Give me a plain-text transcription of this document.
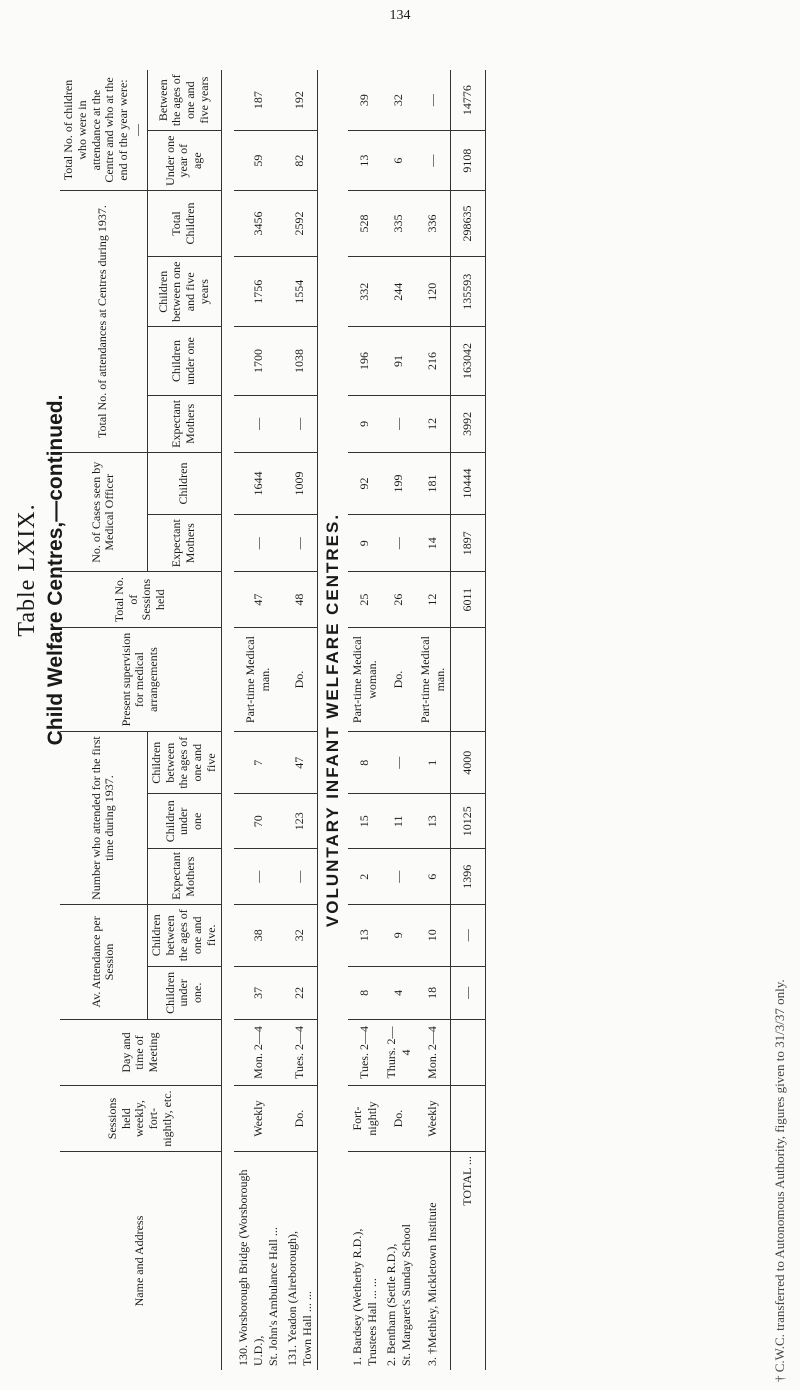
134
Table LXIX. Child Welfare Centres,—continued.
Name and Address	Sessions held weekly, fort-nightly, etc.	Day and time of Meeting	Av. Attendance per Session		Number who attended for the first time during 1937.			Present supervision for medical arrangements	Total No. of Sessions held	No. of Cases seen by Medical Officer		Total No. of attendances at Centres during 1937.				Total No. of children who were in attendance at the Centre and who at the end of the year were:—	
			Children under one.	Children between the ages of one and five.	Expectant Mothers	Children under one	Children between the ages of one and five			Expectant Mothers	Children	Expectant Mothers	Children under one	Children between one and five years	Total Children	Under one year of age	Between the ages of one and five years

130. Worsborough Bridge (Worsborough U.D.),
St. John's Ambulance Hall ...	Weekly	Mon. 2—4	37	38	—	70	7	Part-time Medical man.	47	—	1644	—	1700	1756	3456	59	187
131. Yeadon (Aireborough),
Town Hall ... ...	Do.	Tues. 2—4	22	32	—	123	47	Do.	48	—	1009	—	1038	1554	2592	82	192
VOLUNTARY INFANT WELFARE CENTRES.																	
1. Bardsey (Wetherby R.D.),
Trustees Hall ... ...	Fort-nightly	Tues. 2—4	8	13	2	15	8	Part-time Medical woman.	25	9	92	9	196	332	528	13	39
2. Bentham (Settle R.D.),
St. Margaret's Sunday School	Do.	Thurs. 2—4	4	9	—	11	—	Do.	26	—	199	—	91	244	335	6	32
3. †Methley, Mickletown Institute	Weekly	Mon. 2—4	18	10	6	13	1	Part-time Medical man.	12	14	181	12	216	120	336	—	—
TOTAL ...			—	—	1396	10125	4000		6011	1897	10444	3992	163042	135593	298635	9108	14776
† C.W.C. transferred to Autonomous Authority, figures given to 31/3/37 only.
